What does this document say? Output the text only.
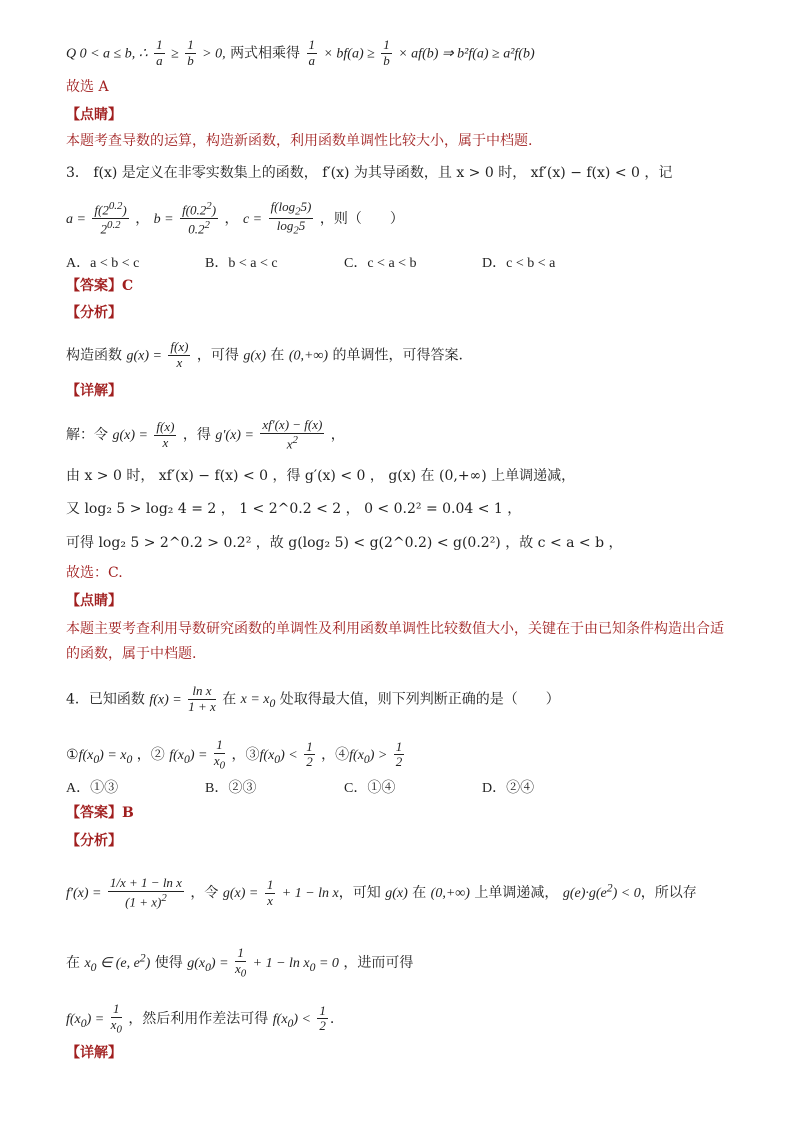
Q 0 < a ≤ b, ∴ $\frac{1}{a} \ge \frac{1}{b} > 0$, 两式相乘得 $\frac{1}{a} \times bf(a) \ge \frac{1}{b} \times af(b)$ ⇒ b²f(a) ≥ a²f(b)
故选 A
【点睛】
本题考查导数的运算，构造新函数，利用函数单调性比较大小，属于中档题.
3． f(x) 是定义在非零实数集上的函数， f′(x) 为其导函数，且 x > 0 时， xf′(x) − f(x) < 0 ，记
$a = \frac{f(2^{0.2})}{2^{0.2}}$ ， $b = \frac{f(0.2^2)}{0.2^2}$ ， $c = \frac{f(\log_25)}{\log_25}$ ，则（　　）
A．a < b < c	B．b < a < c	C．c < a < b	D．c < b < a
【答案】C
【分析】
构造函数 $g(x) = \frac{f(x)}{x}$ ，可得 g(x) 在 (0,+∞) 的单调性，可得答案.
【详解】
解：令 $g(x) = \frac{f(x)}{x}$ ，得 $g'(x) = \frac{xf'(x) - f(x)}{x^2}$ ，
由 x > 0 时， xf′(x) − f(x) < 0 ，得 g′(x) < 0 ， g(x) 在 (0,+∞) 上单调递减，
又 log₂ 5 > log₂ 4 = 2 ， 1 < 2^0.2 < 2 ， 0 < 0.2² = 0.04 < 1 ，
可得 log₂ 5 > 2^0.2 > 0.2² ，故 g(log₂ 5) < g(2^0.2) < g(0.2²) ，故 c < a < b ，
故选：C.
【点睛】
本题主要考查利用导数研究函数的单调性及利用函数单调性比较数值大小，关键在于由已知条件构造出合适
的函数，属于中档题.
4．已知函数 $f(x) = \frac{\text{ln x}}{1 + x}$ 在 $x = x_0$ 处取得最大值，则下列判断正确的是（　　）
$①f(x_0) = x_0$ ，② $f(x_0) = \frac{1}{x_0}$ ，$③f(x_0) < \frac{1}{2}$ ，$④f(x_0) > \frac{1}{2}$
A．①③	B．②③	C．①④	D．②④
【答案】B
【分析】
$f'(x) = \frac{\text{1/x + 1 − ln x}}{(1 + x)^2}$ ，令 $g(x) = \frac{1}{x} + 1 - \ln x$，可知 g(x) 在 (0,+∞) 上单调递减， $g(e)\cdot g(e^2) < 0$，所以存
在 $x_0$ ∈ (e, $e^2$) 使得 $g(x_0) = \frac{1}{x_0} + 1 - \ln x_0 = 0$ ，进而可得
$f(x_0) = \frac{1}{x_0}$ ，然后利用作差法可得 $f(x_0) < \frac{1}{2}$ .
【详解】
